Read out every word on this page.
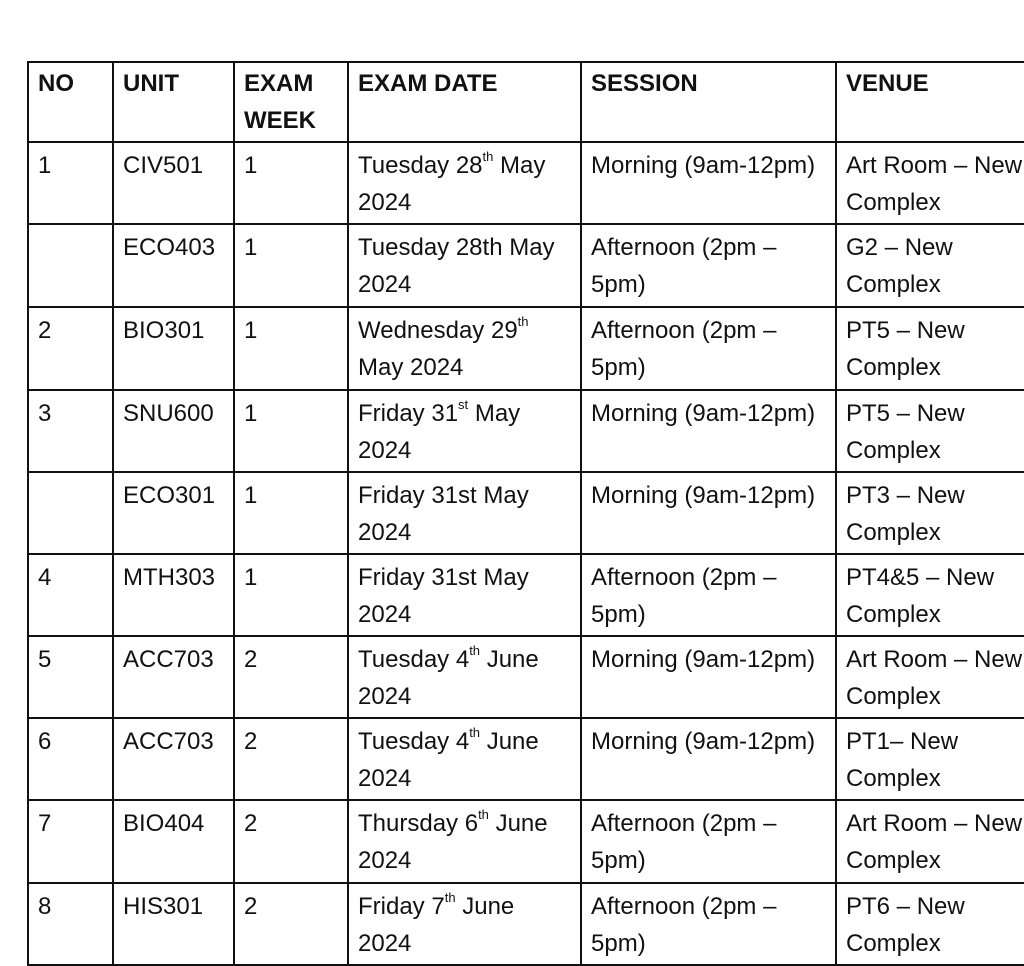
NO	UNIT	EXAM WEEK	EXAM DATE	SESSION	VENUE
1	CIV501	1	Tuesday 28th May 2024	Morning (9am-12pm)	Art Room – New Complex
	ECO403	1	Tuesday 28th May 2024	Afternoon (2pm – 5pm)	G2 – New Complex
2	BIO301	1	Wednesday 29th May 2024	Afternoon (2pm – 5pm)	PT5 – New Complex
3	SNU600	1	Friday 31st May 2024	Morning (9am-12pm)	PT5 – New Complex
	ECO301	1	Friday 31st May 2024	Morning (9am-12pm)	PT3 – New Complex
4	MTH303	1	Friday 31st May 2024	Afternoon (2pm – 5pm)	PT4&5 – New Complex
5	ACC703	2	Tuesday 4th June 2024	Morning (9am-12pm)	Art Room – New Complex
6	ACC703	2	Tuesday 4th June 2024	Morning (9am-12pm)	PT1– New Complex
7	BIO404	2	Thursday 6th June 2024	Afternoon (2pm – 5pm)	Art Room – New Complex
8	HIS301	2	Friday 7th June 2024	Afternoon (2pm – 5pm)	PT6 – New Complex
